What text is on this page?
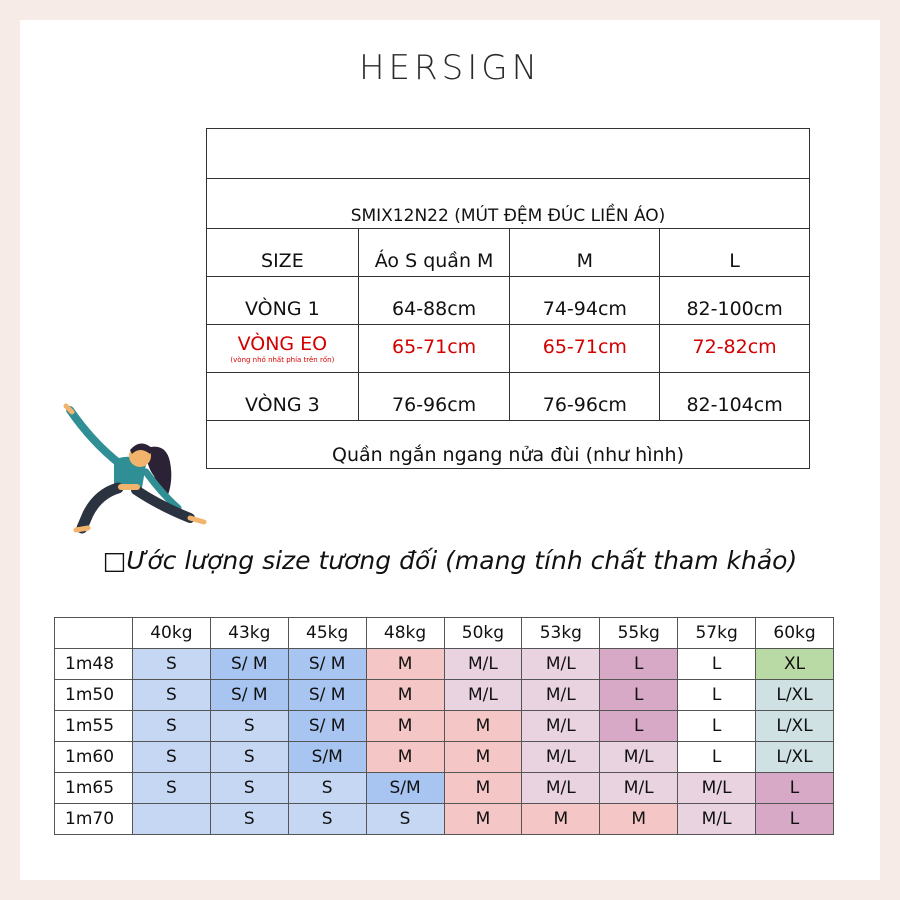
HERSIGN

SMIX12N22 (MÚT ĐỆM ĐÚC LIỀN ÁO)			
SIZE	Áo S quần M	M	L
VÒNG 1	64-88cm	74-94cm	82-100cm
VÒNG EO
(vòng nhỏ nhất phía trên rốn)	65-71cm	65-71cm	72-82cm
VÒNG 3	76-96cm	76-96cm	82-104cm
Quần ngắn ngang nửa đùi (như hình)			
□Ước lượng size tương đối (mang tính chất tham khảo)
	40kg	43kg	45kg	48kg	50kg	53kg	55kg	57kg	60kg
1m48	S	S/ M	S/ M	M	M/L	M/L	L	L	XL
1m50	S	S/ M	S/ M	M	M/L	M/L	L	L	L/XL
1m55	S	S	S/ M	M	M	M/L	L	L	L/XL
1m60	S	S	S/M	M	M	M/L	M/L	L	L/XL
1m65	S	S	S	S/M	M	M/L	M/L	M/L	L
1m70		S	S	S	M	M	M	M/L	L
